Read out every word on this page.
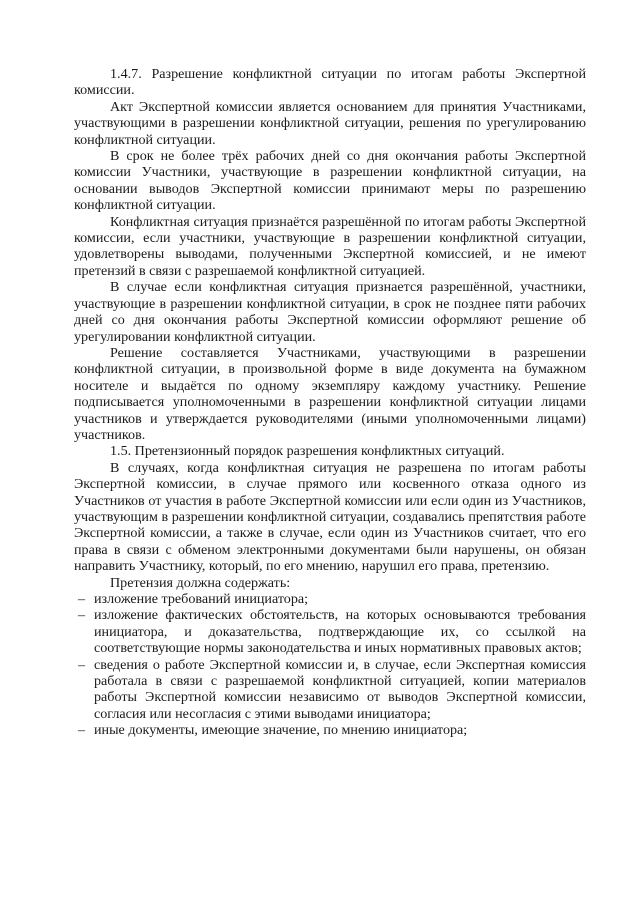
1.4.7. Разрешение конфликтной ситуации по итогам работы Экспертной комиссии.

Акт Экспертной комиссии является основанием для принятия Участниками, участвующими в разрешении конфликтной ситуации, решения по урегулированию конфликтной ситуации.

В срок не более трёх рабочих дней со дня окончания работы Экспертной комиссии Участники, участвующие в разрешении конфликтной ситуации, на основании выводов Экспертной комиссии принимают меры по разрешению конфликтной ситуации.

Конфликтная ситуация признаётся разрешённой по итогам работы Экспертной комиссии, если участники, участвующие в разрешении конфликтной ситуации, удовлетворены выводами, полученными Экспертной комиссией, и не имеют претензий в связи с разрешаемой конфликтной ситуацией.

В случае если конфликтная ситуация признается разрешённой, участники, участвующие в разрешении конфликтной ситуации, в срок не позднее пяти рабочих дней со дня окончания работы Экспертной комиссии оформляют решение об урегулировании конфликтной ситуации.

Решение составляется Участниками, участвующими в разрешении конфликтной ситуации, в произвольной форме в виде документа на бумажном носителе и выдаётся по одному экземпляру каждому участнику. Решение подписывается уполномоченными в разрешении конфликтной ситуации лицами участников и утверждается руководителями (иными уполномоченными лицами) участников.

1.5. Претензионный порядок разрешения конфликтных ситуаций.

В случаях, когда конфликтная ситуация не разрешена по итогам работы Экспертной комиссии, в случае прямого или косвенного отказа одного из Участников от участия в работе Экспертной комиссии или если один из Участников, участвующим в разрешении конфликтной ситуации, создавались препятствия работе Экспертной комиссии, а также в случае, если один из Участников считает, что его права в связи с обменом электронными документами были нарушены, он обязан направить Участнику, который, по его мнению, нарушил его права, претензию.

Претензия должна содержать:

– изложение требований инициатора;
– изложение фактических обстоятельств, на которых основываются требования инициатора, и доказательства, подтверждающие их, со ссылкой на соответствующие нормы законодательства и иных нормативных правовых актов;
– сведения о работе Экспертной комиссии и, в случае, если Экспертная комиссия работала в связи с разрешаемой конфликтной ситуацией, копии материалов работы Экспертной комиссии независимо от выводов Экспертной комиссии, согласия или несогласия с этими выводами инициатора;
– иные документы, имеющие значение, по мнению инициатора;
